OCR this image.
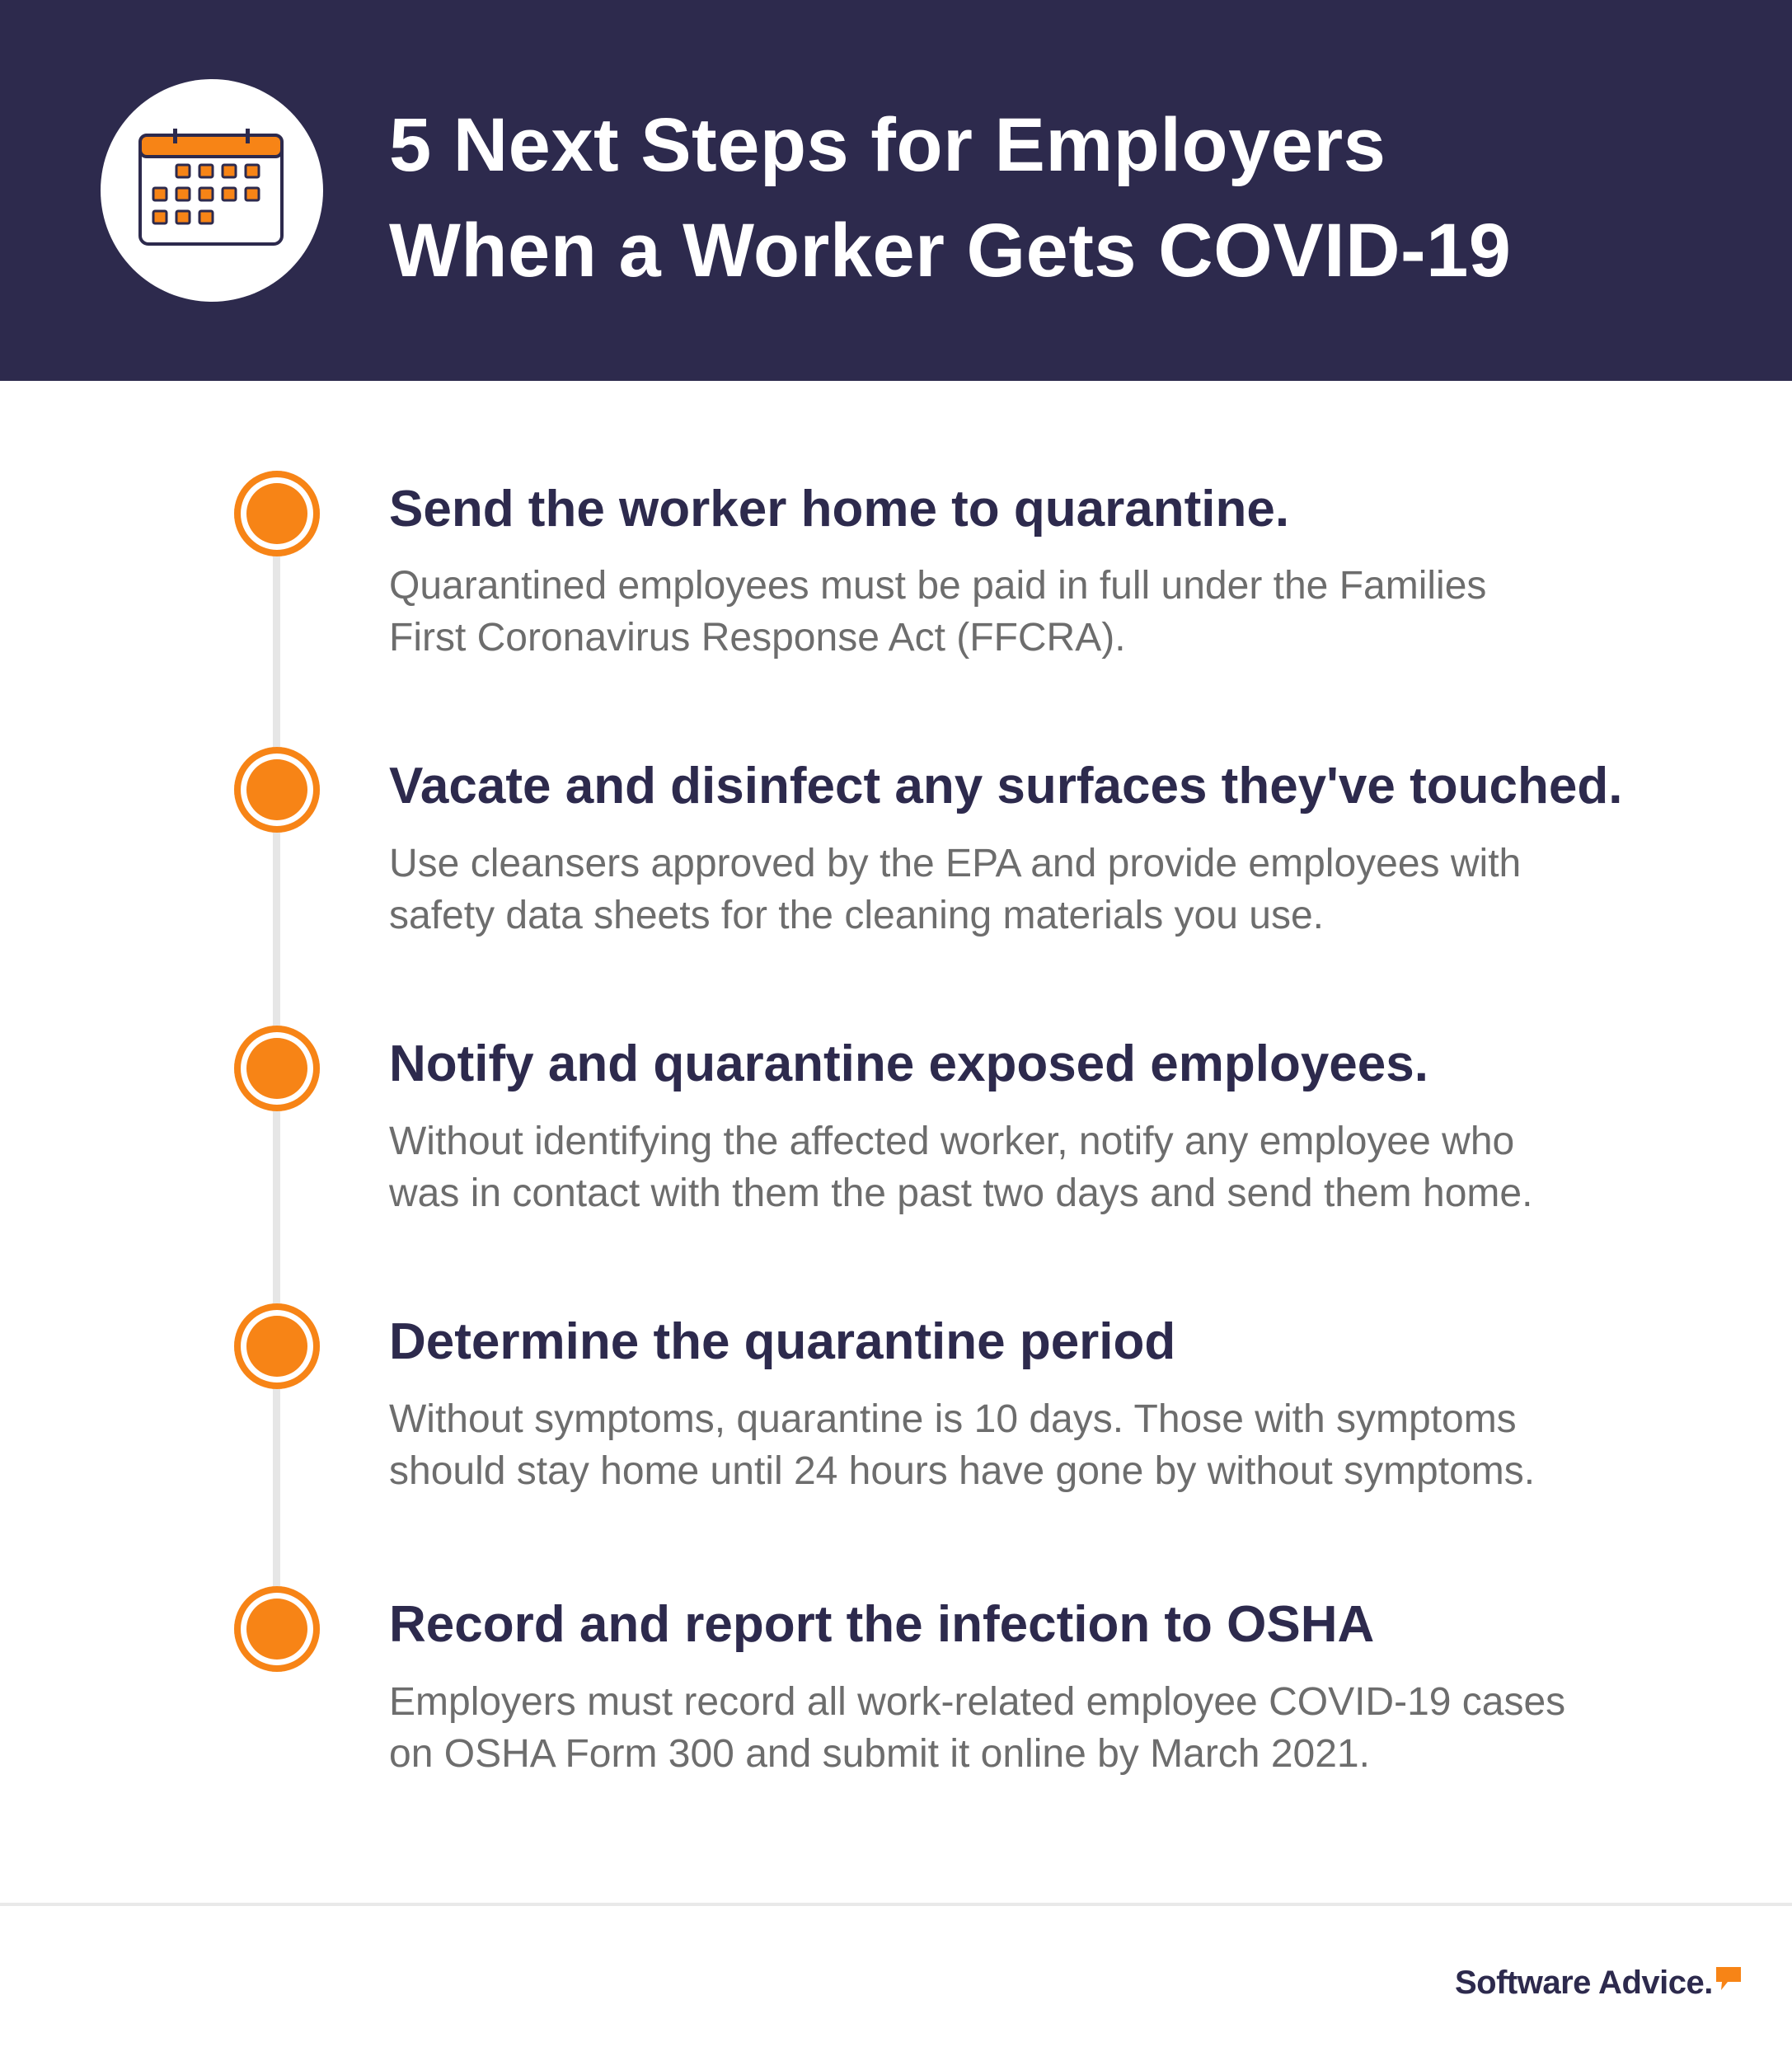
5 Next Steps for Employers
When a Worker Gets COVID-19
Send the worker home to quarantine.
Quarantined employees must be paid in full under the Families
First Coronavirus Response Act (FFCRA).
Vacate and disinfect any surfaces they've touched.
Use cleansers approved by the EPA and provide employees with
safety data sheets for the cleaning materials you use.
Notify and quarantine exposed employees.
Without identifying the affected worker, notify any employee who
was in contact with them the past two days and send them home.
Determine the quarantine period
Without symptoms, quarantine is 10 days. Those with symptoms
should stay home until 24 hours have gone by without symptoms.
Record and report the infection to OSHA
Employers must record all work-related employee COVID-19 cases
on OSHA Form 300 and submit it online by March 2021.
Software Advice.
